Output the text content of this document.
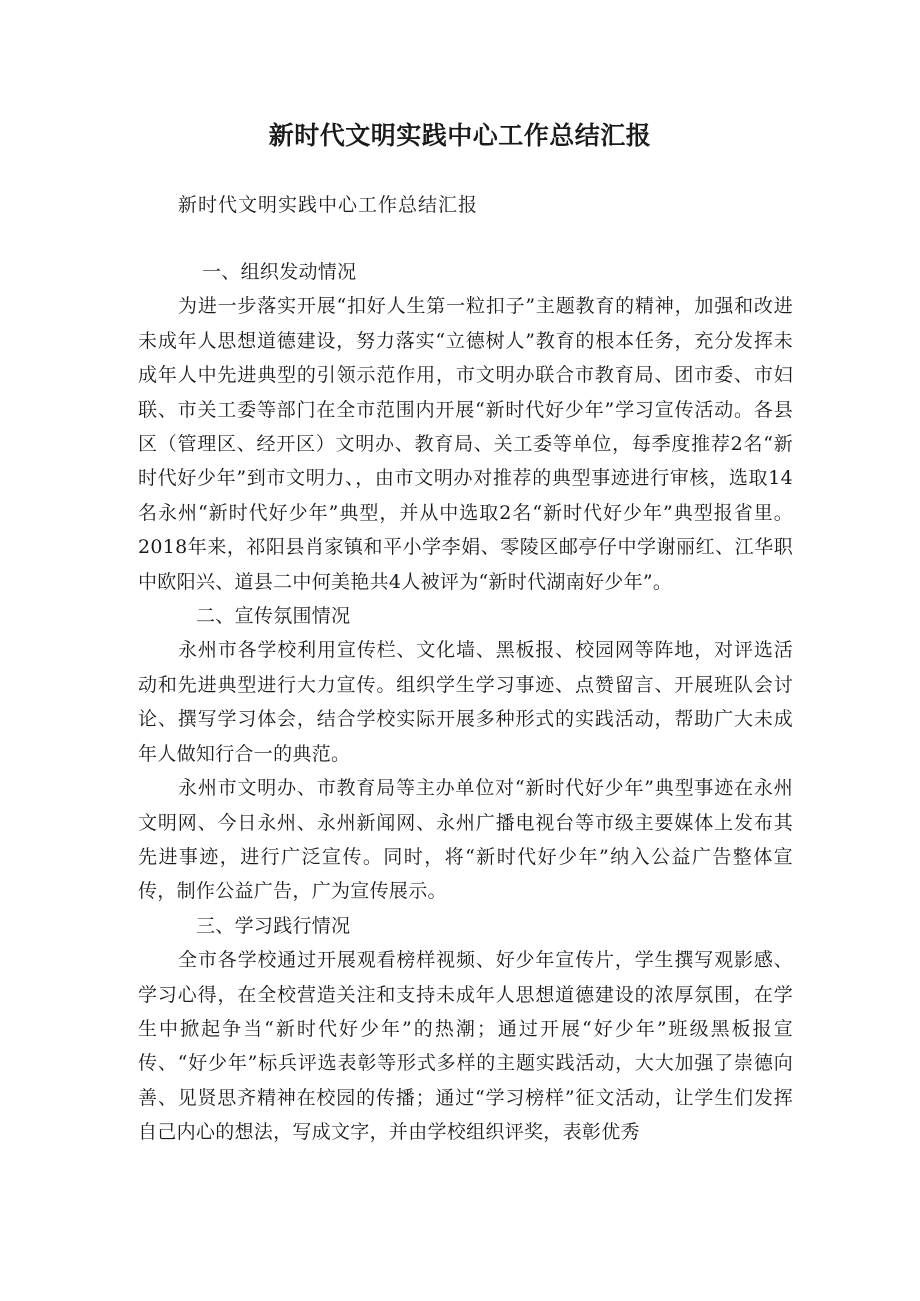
新时代文明实践中心工作总结汇报
新时代文明实践中心工作总结汇报

一、组织发动情况

为进一步落实开展“扣好人生第一粒扣子”主题教育的精神，加强和改进未成年人思想道德建设，努力落实“立德树人”教育的根本任务，充分发挥未成年人中先进典型的引领示范作用，市文明办联合市教育局、团市委、市妇联、市关工委等部门在全市范围内开展“新时代好少年”学习宣传活动。各县区（管理区、经开区）文明办、教育局、关工委等单位，每季度推荐2名“新时代好少年”到市文明力、，由市文明办对推荐的典型事迹进行审核，选取14名永州“新时代好少年”典型，并从中选取2名“新时代好少年”典型报省里。2018年来，祁阳县肖家镇和平小学李娟、零陵区邮亭仔中学谢丽红、江华职中欧阳兴、道县二中何美艳共4人被评为“新时代湖南好少年”。

二、宣传氛围情况

永州市各学校利用宣传栏、文化墙、黑板报、校园网等阵地，对评选活动和先进典型进行大力宣传。组织学生学习事迹、点赞留言、开展班队会讨论、撰写学习体会，结合学校实际开展多种形式的实践活动，帮助广大未成年人做知行合一的典范。

永州市文明办、市教育局等主办单位对“新时代好少年”典型事迹在永州文明网、今日永州、永州新闻网、永州广播电视台等市级主要媒体上发布其先进事迹，进行广泛宣传。同时，将“新时代好少年”纳入公益广告整体宣传，制作公益广告，广为宣传展示。

三、学习践行情况

全市各学校通过开展观看榜样视频、好少年宣传片，学生撰写观影感、学习心得，在全校营造关注和支持未成年人思想道德建设的浓厚氛围，在学生中掀起争当“新时代好少年”的热潮；通过开展“好少年”班级黑板报宣传、“好少年”标兵评选表彰等形式多样的主题实践活动，大大加强了崇德向善、见贤思齐精神在校园的传播；通过“学习榜样”征文活动，让学生们发挥自己内心的想法，写成文字，并由学校组织评奖，表彰优秀
